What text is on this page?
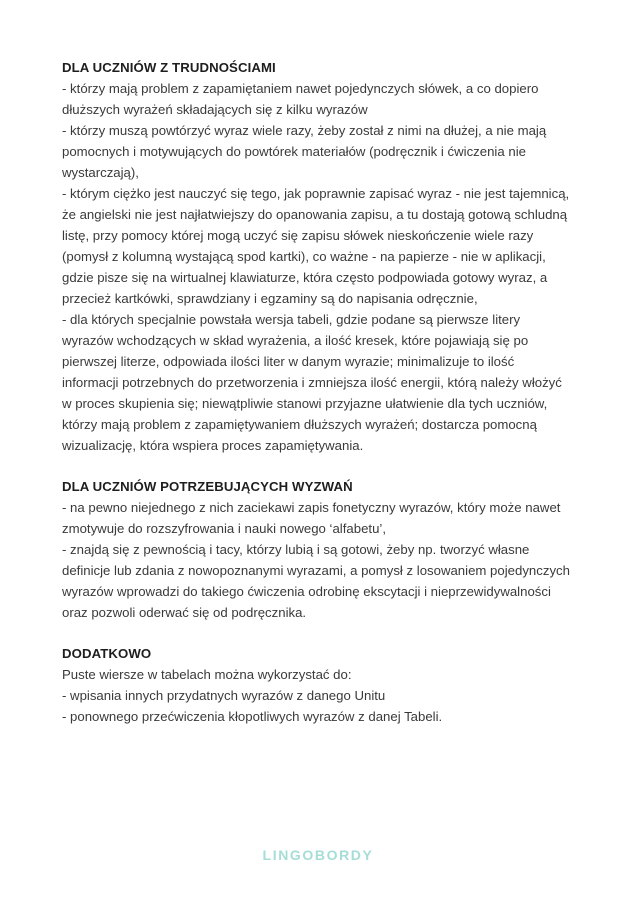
DLA UCZNIÓW Z TRUDNOŚCIAMI

- którzy mają problem z zapamiętaniem nawet pojedynczych słówek, a co dopiero dłuższych wyrażeń składających się z kilku wyrazów

- którzy muszą powtórzyć wyraz wiele razy, żeby został z nimi na dłużej, a nie mają pomocnych i motywujących do powtórek materiałów (podręcznik i ćwiczenia nie wystarczają),

- którym ciężko jest nauczyć się tego, jak poprawnie zapisać wyraz - nie jest tajemnicą, że angielski nie jest najłatwiejszy do opanowania zapisu, a tu dostają gotową schludną listę, przy pomocy której mogą uczyć się zapisu słówek nieskończenie wiele razy (pomysł z kolumną wystającą spod kartki), co ważne - na papierze - nie w aplikacji, gdzie pisze się na wirtualnej klawiaturze, która często podpowiada gotowy wyraz, a przecież kartkówki, sprawdziany i egzaminy są do napisania odręcznie,

- dla których specjalnie powstała wersja tabeli, gdzie podane są pierwsze litery wyrazów wchodzących w skład wyrażenia, a ilość kresek, które pojawiają się po pierwszej literze, odpowiada ilości liter w danym wyrazie; minimalizuje to ilość informacji potrzebnych do przetworzenia i zmniejsza ilość energii, którą należy włożyć w proces skupienia się; niewątpliwie stanowi przyjazne ułatwienie dla tych uczniów, którzy mają problem z zapamiętywaniem dłuższych wyrażeń; dostarcza pomocną wizualizację, która wspiera proces zapamiętywania.

DLA UCZNIÓW POTRZEBUJĄCYCH WYZWAŃ

- na pewno niejednego z nich zaciekawi zapis fonetyczny wyrazów, który może nawet zmotywuje do rozszyfrowania i nauki nowego ‘alfabetu’,

- znajdą się z pewnością i tacy, którzy lubią i są gotowi, żeby np. tworzyć własne definicje lub zdania z nowopoznanymi wyrazami, a pomysł z losowaniem pojedynczych wyrazów wprowadzi do takiego ćwiczenia odrobinę ekscytacji i nieprzewidywalności oraz pozwoli oderwać się od podręcznika.

DODATKOWO

Puste wiersze w tabelach można wykorzystać do:

- wpisania innych przydatnych wyrazów z danego Unitu

- ponownego przećwiczenia kłopotliwych wyrazów z danej Tabeli.

LINGOBORDY
